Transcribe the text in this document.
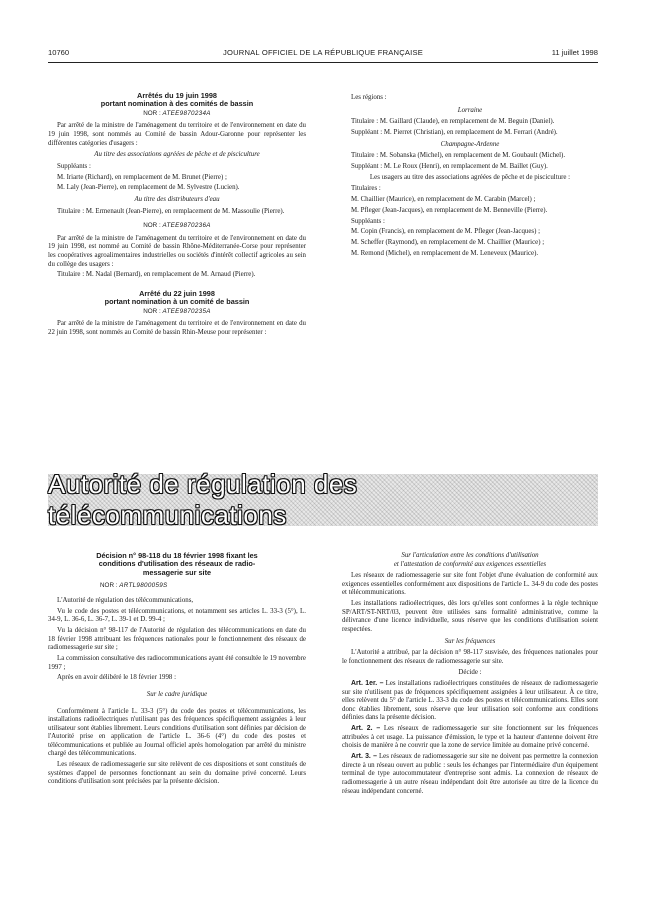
10760	JOURNAL OFFICIEL DE LA RÉPUBLIQUE FRANÇAISE	11 juillet 1998
Arrêtés du 19 juin 1998
portant nomination à des comités de bassin
NOR : ATEE9870234A

Par arrêté de la ministre de l'aménagement du territoire et de l'environnement en date du 19 juin 1998, sont nommés au Comité de bassin Adour-Garonne pour représenter les différentes catégories d'usagers :

Au titre des associations agréées de pêche et de pisciculture

Suppléants :

M. Iriarte (Richard), en remplacement de M. Brunet (Pierre) ;

M. Laly (Jean-Pierre), en remplacement de M. Sylvestre (Lucien).

Au titre des distributeurs d'eau

Titulaire : M. Ermenault (Jean-Pierre), en remplacement de M. Massoulie (Pierre).

NOR : ATEE9870236A

Par arrêté de la ministre de l'aménagement du territoire et de l'environnement en date du 19 juin 1998, est nommé au Comité de bassin Rhône-Méditerranée-Corse pour représenter les coopératives agroalimentaires industrielles ou sociétés d'intérêt collectif agricoles au sein du collège des usagers :

Titulaire : M. Nadal (Bernard), en remplacement de M. Arnaud (Pierre).

Arrêté du 22 juin 1998
portant nomination à un comité de bassin
NOR : ATEE9870235A

Par arrêté de la ministre de l'aménagement du territoire et de l'environnement en date du 22 juin 1998, sont nommés au Comité de bassin Rhin-Meuse pour représenter :

Les régions :

Lorraine

Titulaire : M. Gaillard (Claude), en remplacement de M. Beguin (Daniel).

Suppléant : M. Pierret (Christian), en remplacement de M. Ferrari (André).

Champagne-Ardenne

Titulaire : M. Sobanska (Michel), en remplacement de M. Goubault (Michel).

Suppléant : M. Le Roux (Henri), en remplacement de M. Baillet (Guy).

Les usagers au titre des associations agréées de pêche et de pisciculture :

Titulaires :

M. Chaillier (Maurice), en remplacement de M. Carabin (Marcel) ;

M. Pfleger (Jean-Jacques), en remplacement de M. Benneville (Pierre).

Suppléants :

M. Copin (Francis), en remplacement de M. Pfleger (Jean-Jacques) ;

M. Scheffer (Raymond), en remplacement de M. Chaillier (Maurice) ;

M. Remond (Michel), en remplacement de M. Leneveux (Maurice).

Autorité de régulation des télécommunications
Décision n° 98-118 du 18 février 1998 fixant les
conditions d'utilisation des réseaux de radio-
messagerie sur site
NOR : ARTL9800059S

L'Autorité de régulation des télécommunications,

Vu le code des postes et télécommunications, et notamment ses articles L. 33-3 (5°), L. 34-9, L. 36-6, L. 36-7, L. 39-1 et D. 99-4 ;

Vu la décision n° 98-117 de l'Autorité de régulation des télécommunications en date du 18 février 1998 attribuant les fréquences nationales pour le fonctionnement des réseaux de radiomessagerie sur site ;

La commission consultative des radiocommunications ayant été consultée le 19 novembre 1997 ;

Après en avoir délibéré le 18 février 1998 :

Sur le cadre juridique

Conformément à l'article L. 33-3 (5°) du code des postes et télécommunications, les installations radioélectriques n'utilisant pas des fréquences spécifiquement assignées à leur utilisateur sont établies librement. Leurs conditions d'utilisation sont définies par décision de l'Autorité prise en application de l'article L. 36-6 (4°) du code des postes et télécommunications et publiée au Journal officiel après homologation par arrêté du ministre chargé des télécommunications.

Les réseaux de radiomessagerie sur site relèvent de ces dispositions et sont constitués de systèmes d'appel de personnes fonctionnant au sein du domaine privé concerné. Leurs conditions d'utilisation sont précisées par la présente décision.

Sur l'articulation entre les conditions d'utilisation
et l'attestation de conformité aux exigences essentielles

Les réseaux de radiomessagerie sur site font l'objet d'une évaluation de conformité aux exigences essentielles conformément aux dispositions de l'article L. 34-9 du code des postes et télécommunications.

Les installations radioélectriques, dès lors qu'elles sont conformes à la règle technique SP/ART/ST-NRT/03, peuvent être utilisées sans formalité administrative, comme la délivrance d'une licence individuelle, sous réserve que les conditions d'utilisation soient respectées.

Sur les fréquences

L'Autorité a attribué, par la décision n° 98-117 susvisée, des fréquences nationales pour le fonctionnement des réseaux de radiomessagerie sur site.

Décide :

Art. 1er. – Les installations radioélectriques constituées de réseaux de radiomessagerie sur site n'utilisent pas de fréquences spécifiquement assignées à leur utilisateur. À ce titre, elles relèvent du 5° de l'article L. 33-3 du code des postes et télécommunications. Elles sont donc établies librement, sous réserve que leur utilisation soit conforme aux conditions définies dans la présente décision.

Art. 2. – Les réseaux de radiomessagerie sur site fonctionnent sur les fréquences attribuées à cet usage. La puissance d'émission, le type et la hauteur d'antenne doivent être choisis de manière à ne couvrir que la zone de service limitée au domaine privé concerné.

Art. 3. – Les réseaux de radiomessagerie sur site ne doivent pas permettre la connexion directe à un réseau ouvert au public : seuls les échanges par l'intermédiaire d'un équipement terminal de type autocommutateur d'entreprise sont admis. La connexion de réseaux de radiomessagerie à un autre réseau indépendant doit être autorisée au titre de la licence du réseau indépendant concerné.
